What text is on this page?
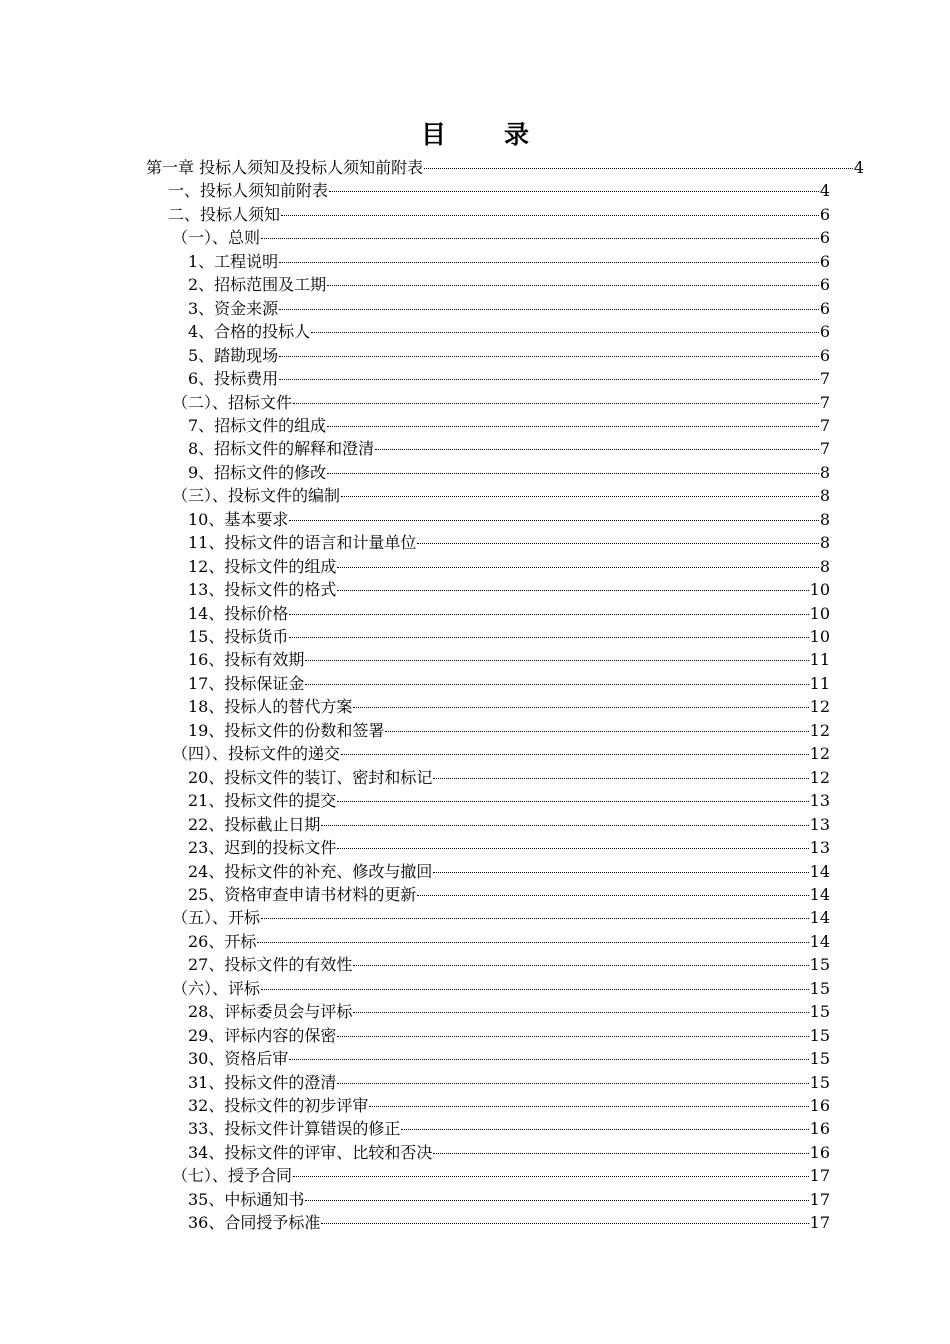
目 录
第一章 投标人须知及投标人须知前附表	4
一、投标人须知前附表	4
二、投标人须知	6
（一）、总则	6
1、工程说明	6
2、招标范围及工期	6
3、资金来源	6
4、合格的投标人	6
5、踏勘现场	6
6、投标费用	7
（二）、招标文件	7
7、招标文件的组成	7
8、招标文件的解释和澄清	7
9、招标文件的修改	8
（三）、投标文件的编制	8
10、基本要求	8
11、投标文件的语言和计量单位	8
12、投标文件的组成	8
13、投标文件的格式	10
14、投标价格	10
15、投标货币	10
16、投标有效期	11
17、投标保证金	11
18、投标人的替代方案	12
19、投标文件的份数和签署	12
（四）、投标文件的递交	12
20、投标文件的装订、密封和标记	12
21、投标文件的提交	13
22、投标截止日期	13
23、迟到的投标文件	13
24、投标文件的补充、修改与撤回	14
25、资格审查申请书材料的更新	14
（五）、开标	14
26、开标	14
27、投标文件的有效性	15
（六）、评标	15
28、评标委员会与评标	15
29、评标内容的保密	15
30、资格后审	15
31、投标文件的澄清	15
32、投标文件的初步评审	16
33、投标文件计算错误的修正	16
34、投标文件的评审、比较和否决	16
（七）、授予合同	17
35、中标通知书	17
36、合同授予标准	17
